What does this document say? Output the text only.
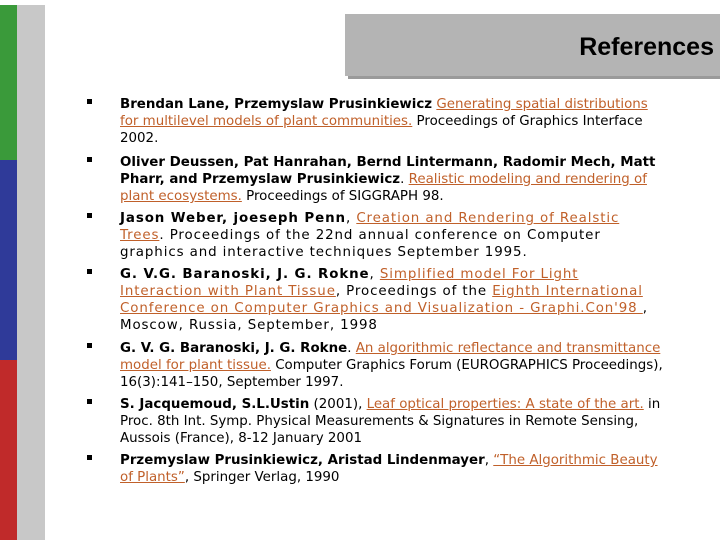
References
Brendan Lane, Przemyslaw Prusinkiewicz Generating spatial distributions for multilevel models of plant communities. Proceedings of Graphics Interface 2002.
Oliver Deussen, Pat Hanrahan, Bernd Lintermann, Radomir Mech, Matt Pharr, and Przemyslaw Prusinkiewicz. Realistic modeling and rendering of plant ecosystems. Proceedings of SIGGRAPH 98.
Jason Weber, joeseph Penn, Creation and Rendering of Realstic Trees. Proceedings of the 22nd annual conference on Computer graphics and interactive techniques September 1995.
G. V.G. Baranoski, J. G. Rokne, Simplified model For Light Interaction with Plant Tissue, Proceedings of the Eighth International Conference on Computer Graphics and Visualization - Graphi.Con'98 , Moscow, Russia, September, 1998
G. V. G. Baranoski, J. G. Rokne. An algorithmic reflectance and transmittance model for plant tissue. Computer Graphics Forum (EUROGRAPHICS Proceedings), 16(3):141–150, September 1997.
S. Jacquemoud, S.L.Ustin (2001), Leaf optical properties: A state of the art. in Proc. 8th Int. Symp. Physical Measurements & Signatures in Remote Sensing, Aussois (France), 8-12 January 2001
Przemyslaw Prusinkiewicz, Aristad Lindenmayer, “The Algorithmic Beauty of Plants”, Springer Verlag, 1990
